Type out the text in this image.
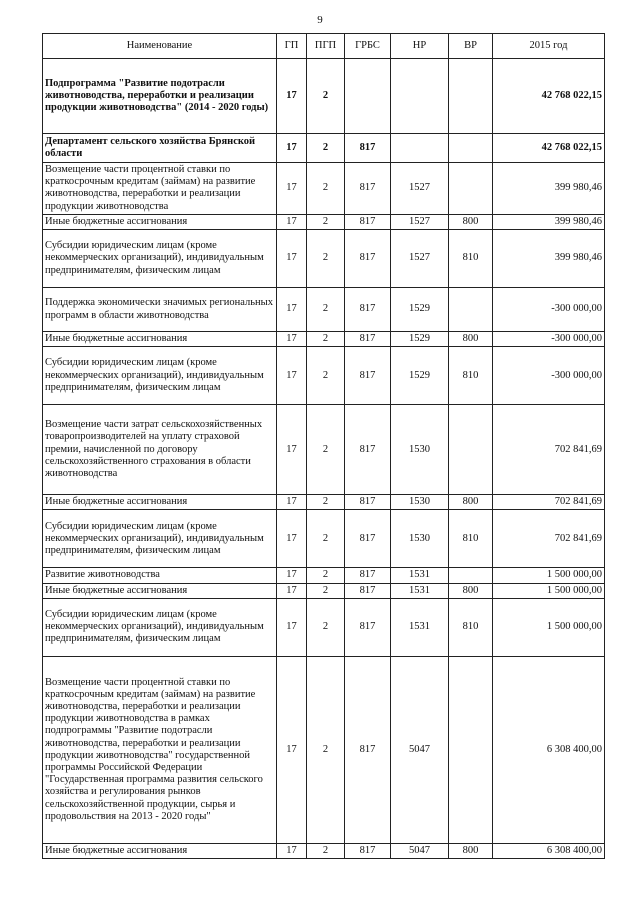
9
Наименование	ГП	ПГП	ГРБС	НР	ВР	2015 год
Подпрограмма "Развитие подотрасли животноводства, переработки и реализации продукции животноводства" (2014 - 2020 годы)	17	2				42 768 022,15
Департамент сельского хозяйства Брянской области	17	2	817			42 768 022,15
Возмещение части процентной ставки по краткосрочным кредитам (займам) на развитие животноводства, переработки и реализации продукции животноводства	17	2	817	1527		399 980,46
Иные бюджетные ассигнования	17	2	817	1527	800	399 980,46
Субсидии юридическим лицам (кроме некоммерческих организаций), индивидуальным предпринимателям, физическим лицам	17	2	817	1527	810	399 980,46
Поддержка экономически значимых региональных программ в области животноводства	17	2	817	1529		-300 000,00
Иные бюджетные ассигнования	17	2	817	1529	800	-300 000,00
Субсидии юридическим лицам (кроме некоммерческих организаций), индивидуальным предпринимателям, физическим лицам	17	2	817	1529	810	-300 000,00
Возмещение части затрат сельскохозяйственных товаропроизводителей на уплату страховой премии, начисленной по договору сельскохозяйственного страхования в области животноводства	17	2	817	1530		702 841,69
Иные бюджетные ассигнования	17	2	817	1530	800	702 841,69
Субсидии юридическим лицам (кроме некоммерческих организаций), индивидуальным предпринимателям, физическим лицам	17	2	817	1530	810	702 841,69
Развитие животноводства	17	2	817	1531		1 500 000,00
Иные бюджетные ассигнования	17	2	817	1531	800	1 500 000,00
Субсидии юридическим лицам (кроме некоммерческих организаций), индивидуальным предпринимателям, физическим лицам	17	2	817	1531	810	1 500 000,00
Возмещение части процентной ставки по краткосрочным кредитам (займам) на развитие животноводства, переработки и реализации продукции животноводства в рамках подпрограммы "Развитие подотрасли животноводства, переработки и реализации продукции животноводства" государственной программы Российской Федерации "Государственная программа развития сельского хозяйства и регулирования рынков сельскохозяйственной продукции, сырья и продовольствия на 2013 - 2020 годы"	17	2	817	5047		6 308 400,00
Иные бюджетные ассигнования	17	2	817	5047	800	6 308 400,00
